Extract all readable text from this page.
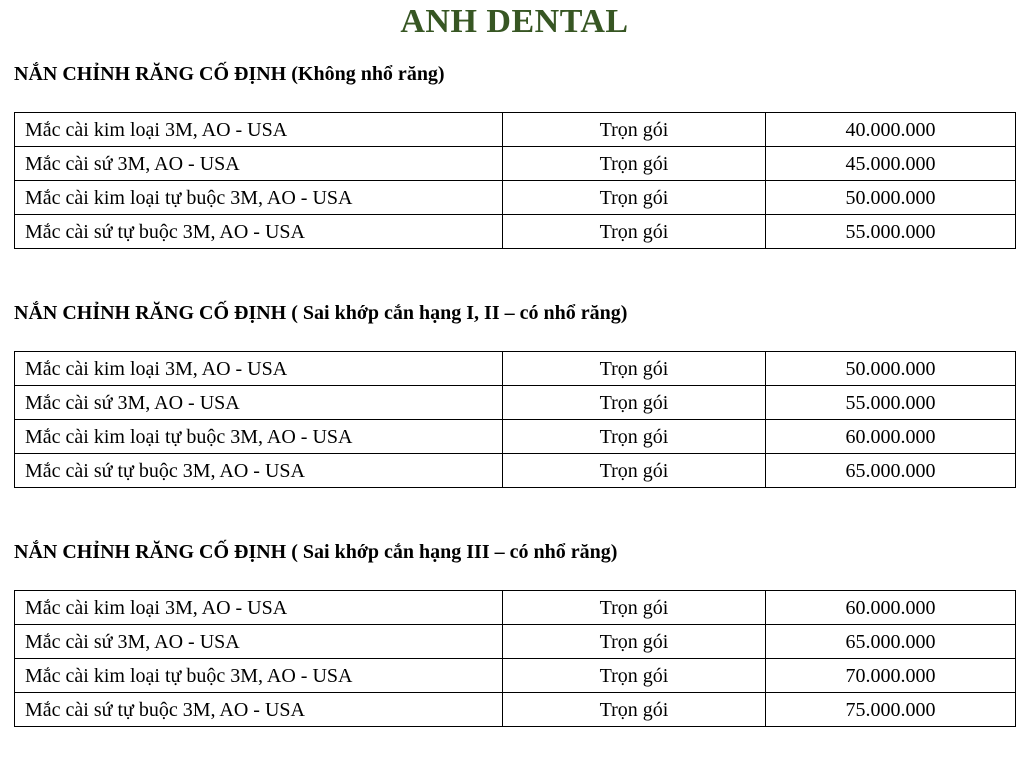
ANH DENTAL
NẮN CHỈNH RĂNG CỐ ĐỊNH (Không nhổ răng)
Mắc cài kim loại 3M, AO - USA	Trọn gói	40.000.000
Mắc cài sứ 3M, AO - USA	Trọn gói	45.000.000
Mắc cài kim loại tự buộc 3M, AO - USA	Trọn gói	50.000.000
Mắc cài sứ tự buộc 3M, AO - USA	Trọn gói	55.000.000
NẮN CHỈNH RĂNG CỐ ĐỊNH ( Sai khớp cắn hạng I, II – có nhổ răng)
Mắc cài kim loại 3M, AO - USA	Trọn gói	50.000.000
Mắc cài sứ 3M, AO - USA	Trọn gói	55.000.000
Mắc cài kim loại tự buộc 3M, AO - USA	Trọn gói	60.000.000
Mắc cài sứ tự buộc 3M, AO - USA	Trọn gói	65.000.000
NẮN CHỈNH RĂNG CỐ ĐỊNH ( Sai khớp cắn hạng III – có nhổ răng)
Mắc cài kim loại 3M, AO - USA	Trọn gói	60.000.000
Mắc cài sứ 3M, AO - USA	Trọn gói	65.000.000
Mắc cài kim loại tự buộc 3M, AO - USA	Trọn gói	70.000.000
Mắc cài sứ tự buộc 3M, AO - USA	Trọn gói	75.000.000
